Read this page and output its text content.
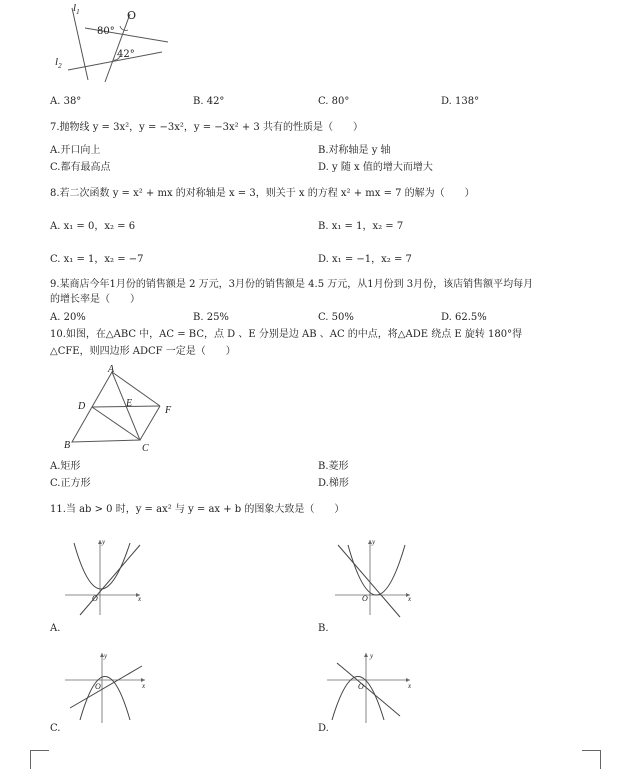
$l_1$
$l_2$
O
80°
42°
A. 38°	B. 42°	C. 80°	D. 138°
7.抛物线 y = 3x²，y = −3x²，y = −3x² + 3 共有的性质是（　　）
A.开口向上	B.对称轴是 y 轴
C.都有最高点	D. y 随 x 值的增大而增大
8.若二次函数 y = x² + mx 的对称轴是 x = 3，则关于 x 的方程 x² + mx = 7 的解为（　　）
A. x₁ = 0，x₂ = 6	B. x₁ = 1，x₂ = 7
C. x₁ = 1，x₂ = −7	D. x₁ = −1，x₂ = 7
9.某商店今年1月份的销售额是 2 万元，3月份的销售额是 4.5 万元，从1月份到 3月份，该店销售额平均每月
的增长率是（　　）
A. 20%	B. 25%	C. 50%	D. 62.5%
10.如图，在△ABC 中，AC = BC，点 D 、E 分别是边 AB 、AC 的中点，将△ADE 绕点 E 旋转 180°得
△CFE，则四边形 ADCF 一定是（　　）
A
D	E
F
B	C
A.矩形	B.菱形
C.正方形	D.梯形
11.当 ab > 0 时，y = ax² 与 y = ax + b 的图象大致是（　　）
y
x
O
A.
y
x
O
B.
y
x
O
C.
y
x
O
D.
